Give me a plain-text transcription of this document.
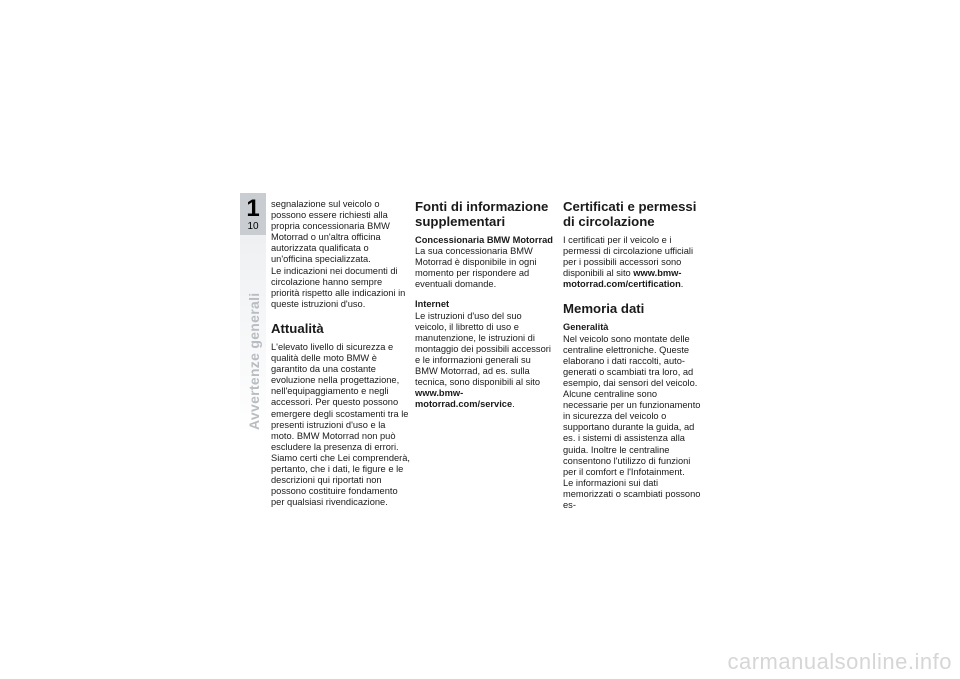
1
10
Avvertenze generali

segnalazione sul veicolo o possono essere richiesti alla propria concessionaria BMW Motorrad o un'altra officina autorizzata qualificata o un'officina specializzata.

Le indicazioni nei documenti di circolazione hanno sempre priorità rispetto alle indicazioni in queste istruzioni d'uso.

Attualità

L'elevato livello di sicurezza e qualità delle moto BMW è garantito da una costante evoluzione nella progettazione, nell'equipaggiamento e negli accessori. Per questo possono emergere degli scostamenti tra le presenti istruzioni d'uso e la moto. BMW Motorrad non può escludere la presenza di errori. Siamo certi che Lei comprenderà, pertanto, che i dati, le figure e le descrizioni qui riportati non possono costituire fondamento per qualsiasi rivendicazione.

Fonti di informazione supplementari
Concessionaria BMW Motorrad

La sua concessionaria BMW Motorrad è disponibile in ogni momento per rispondere ad eventuali domande.

Internet

Le istruzioni d'uso del suo veicolo, il libretto di uso e manutenzione, le istruzioni di montaggio dei possibili accessori e le informazioni generali su BMW Motorrad, ad es. sulla tecnica, sono disponibili al sito www.bmw-motorrad.com/service.

Certificati e permessi di circolazione

I certificati per il veicolo e i permessi di circolazione ufficiali per i possibili accessori sono disponibili al sito www.bmw-motorrad.com/certification.

Memoria dati
Generalità

Nel veicolo sono montate delle centraline elettroniche. Queste elaborano i dati raccolti, auto-generati o scambiati tra loro, ad esempio, dai sensori del veicolo. Alcune centraline sono necessarie per un funzionamento in sicurezza del veicolo o supportano durante la guida, ad es. i sistemi di assistenza alla guida. Inoltre le centraline consentono l'utilizzo di funzioni per il comfort e l'Infotainment.

Le informazioni sui dati memorizzati o scambiati possono es-

carmanualsonline.info
